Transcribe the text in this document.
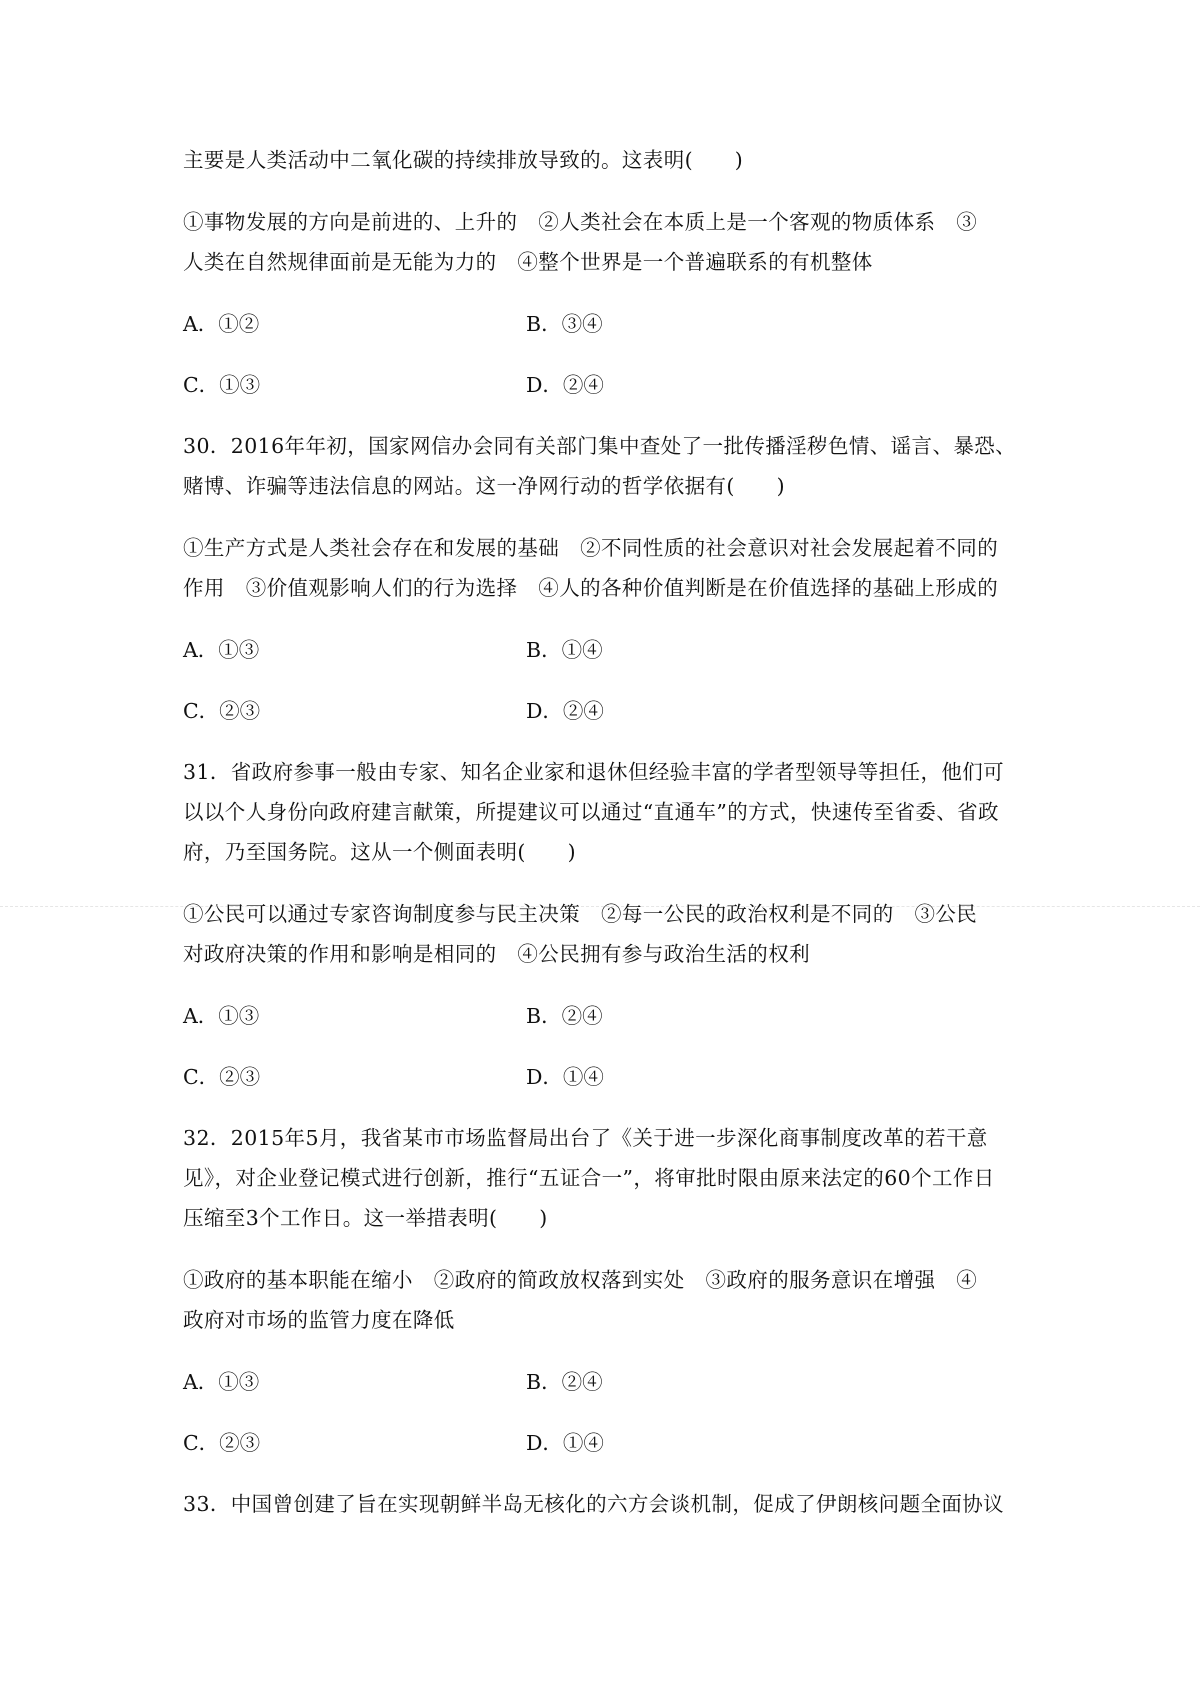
主要是人类活动中二氧化碳的持续排放导致的。这表明(　　)
①事物发展的方向是前进的、上升的　②人类社会在本质上是一个客观的物质体系　③
人类在自然规律面前是无能为力的　④整个世界是一个普遍联系的有机整体
A．①②	B．③④
C．①③	D．②④
30．2016年年初，国家网信办会同有关部门集中查处了一批传播淫秽色情、谣言、暴恐、
赌博、诈骗等违法信息的网站。这一净网行动的哲学依据有(　　)
①生产方式是人类社会存在和发展的基础　②不同性质的社会意识对社会发展起着不同的
作用　③价值观影响人们的行为选择　④人的各种价值判断是在价值选择的基础上形成的
A．①③	B．①④
C．②③	D．②④
31．省政府参事一般由专家、知名企业家和退休但经验丰富的学者型领导等担任，他们可
以以个人身份向政府建言献策，所提建议可以通过“直通车”的方式，快速传至省委、省政
府，乃至国务院。这从一个侧面表明(　　)
①公民可以通过专家咨询制度参与民主决策　②每一公民的政治权利是不同的　③公民
对政府决策的作用和影响是相同的　④公民拥有参与政治生活的权利
A．①③	B．②④
C．②③	D．①④
32．2015年5月，我省某市市场监督局出台了《关于进一步深化商事制度改革的若干意
见》，对企业登记模式进行创新，推行“五证合一”，将审批时限由原来法定的60个工作日
压缩至3个工作日。这一举措表明(　　)
①政府的基本职能在缩小　②政府的简政放权落到实处　③政府的服务意识在增强　④
政府对市场的监管力度在降低
A．①③	B．②④
C．②③	D．①④
33．中国曾创建了旨在实现朝鲜半岛无核化的六方会谈机制，促成了伊朗核问题全面协议
